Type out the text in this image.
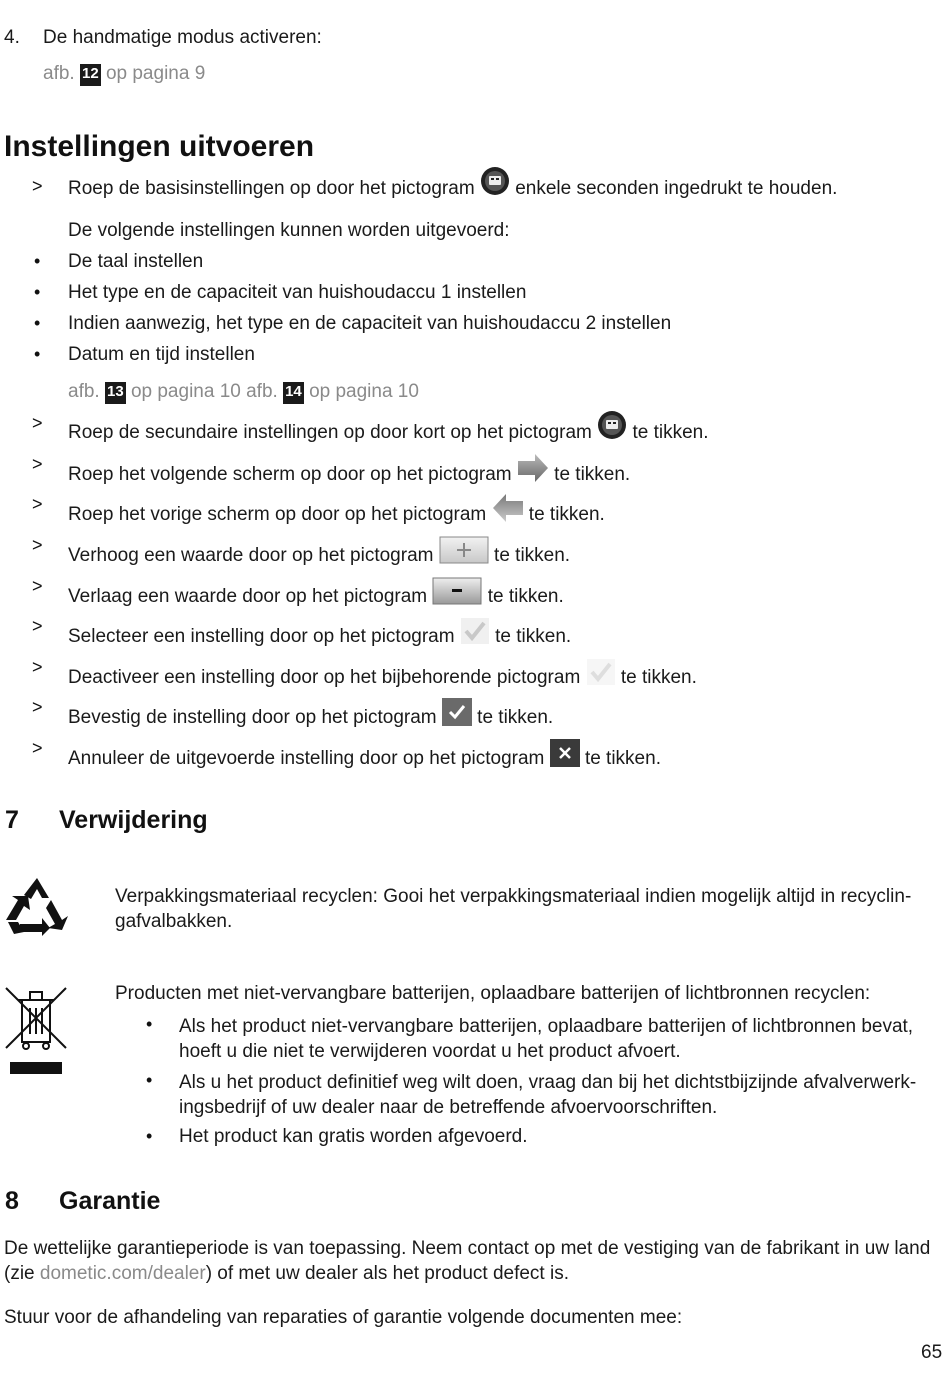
4. De handmatige modus activeren:
afb. 12 op pagina 9
Instellingen uitvoeren
> Roep de basisinstellingen op door het pictogram enkele seconden ingedrukt te houden.
De volgende instellingen kunnen worden uitgevoerd:
• De taal instellen
• Het type en de capaciteit van huishoudaccu 1 instellen
• Indien aanwezig, het type en de capaciteit van huishoudaccu 2 instellen
• Datum en tijd instellen
afb. 13 op pagina 10 afb. 14 op pagina 10
> Roep de secundaire instellingen op door kort op het pictogram te tikken.
>
Roep het volgende scherm op door op het pictogram te tikken.
>
Roep het vorige scherm op door op het pictogram te tikken.
>
Verhoog een waarde door op het pictogram	te tikken.
>
Verlaag een waarde door op het pictogram	te tikken.
>
Selecteer een instelling door op het pictogram te tikken.
>
Deactiveer een instelling door op het bijbehorende pictogram te tikken.
>
Bevestig de instelling door op het pictogram te tikken.
>
Annuleer de uitgevoerde instelling door op het pictogram te tikken.
7 Verwijdering
Verpakkingsmateriaal recyclen: Gooi het verpakkingsmateriaal indien mogelijk altijd in recyclingafvalbakken.
Producten met niet-vervangbare batterijen, oplaadbare batterijen of lichtbronnen recyclen:
• Als het product niet-vervangbare batterijen, oplaadbare batterijen of lichtbronnen bevat, hoeft u die niet te verwijderen voordat u het product afvoert.
• Als u het product definitief weg wilt doen, vraag dan bij het dichtstbijzijnde afvalverwerkingsbedrijf of uw dealer naar de betreffende afvoervoorschriften.
• Het product kan gratis worden afgevoerd.
8 Garantie
De wettelijke garantieperiode is van toepassing. Neem contact op met de vestiging van de fabrikant in uw land (zie dometic.com/dealer) of met uw dealer als het product defect is.
Stuur voor de afhandeling van reparaties of garantie volgende documenten mee:
65
